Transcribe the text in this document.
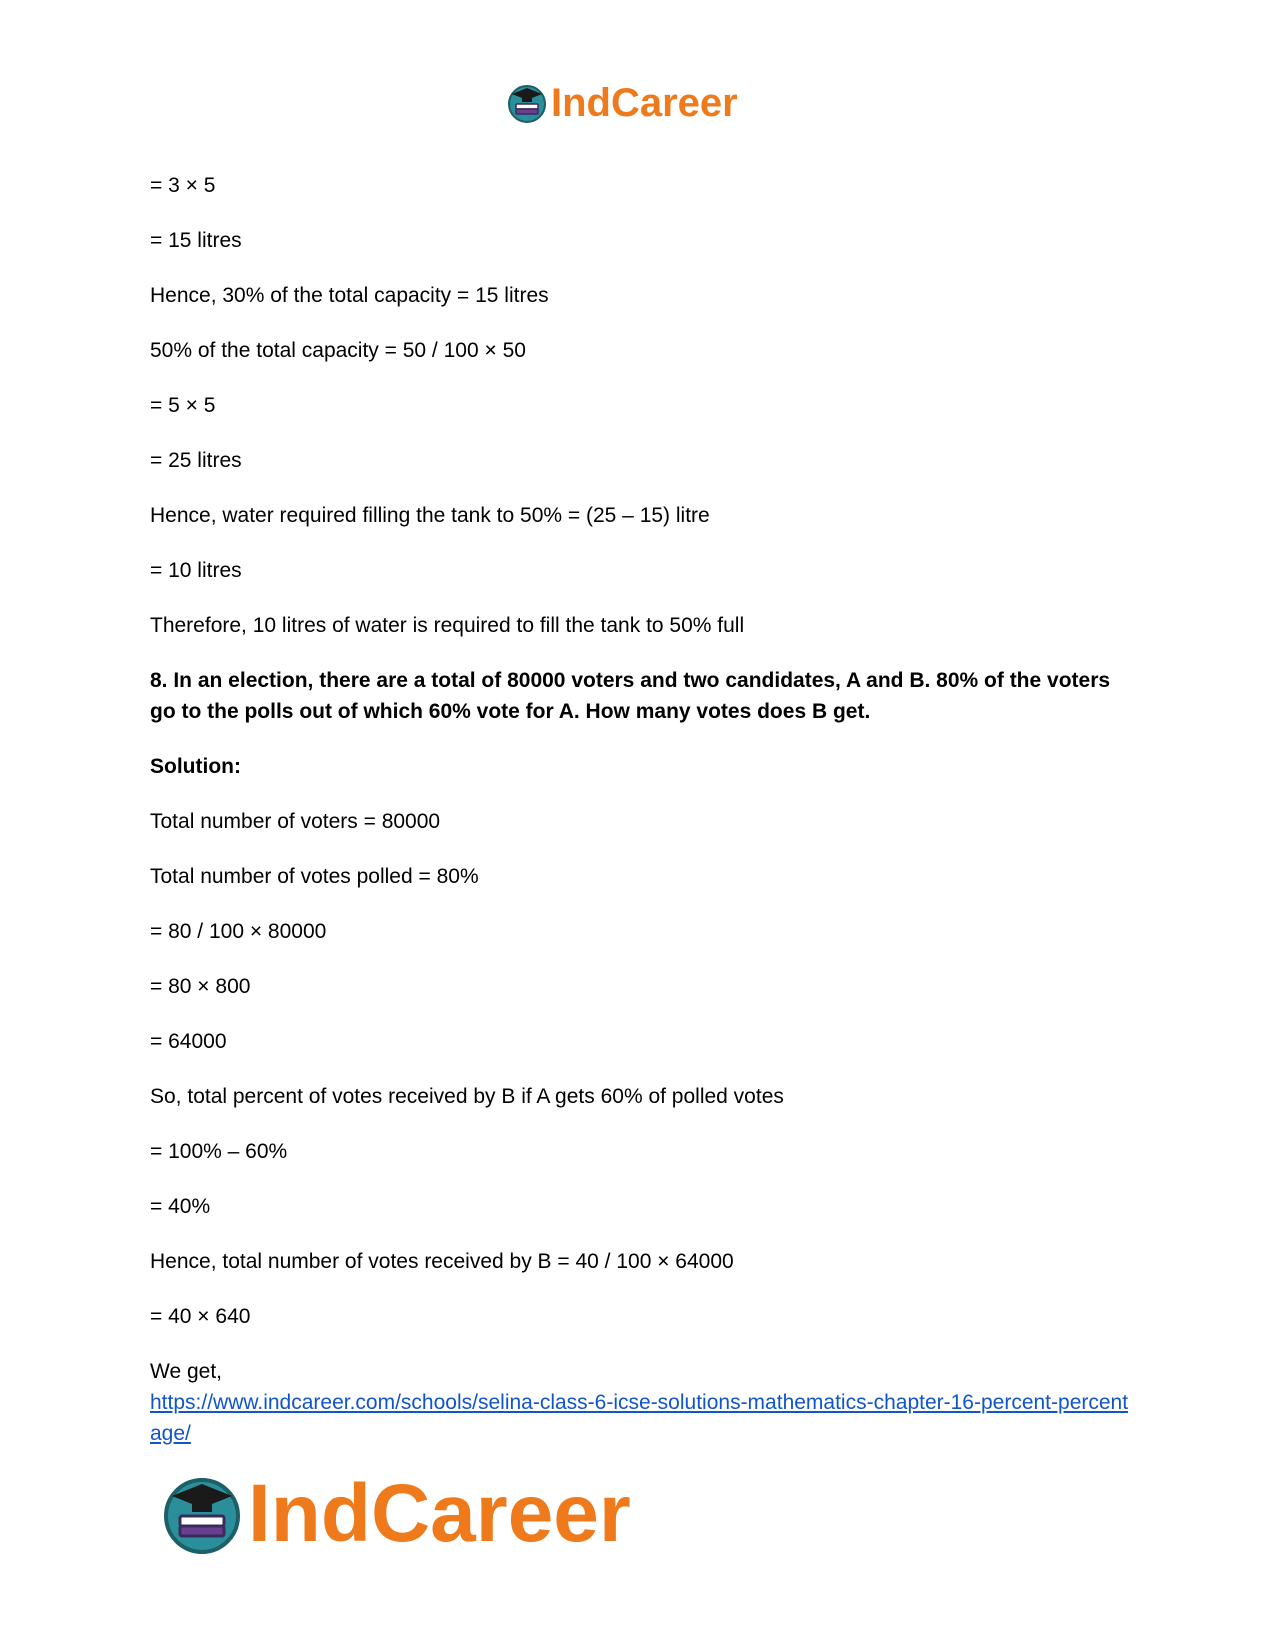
IndCareer

= 3 × 5

= 15 litres

Hence, 30% of the total capacity = 15 litres

50% of the total capacity = 50 / 100 × 50

= 5 × 5

= 25 litres

Hence, water required filling the tank to 50% = (25 – 15) litre

= 10 litres

Therefore, 10 litres of water is required to fill the tank to 50% full

8. In an election, there are a total of 80000 voters and two candidates, A and B. 80% of the voters go to the polls out of which 60% vote for A. How many votes does B get.

Solution:

Total number of voters = 80000

Total number of votes polled = 80%

= 80 / 100 × 80000

= 80 × 800

= 64000

So, total percent of votes received by B if A gets 60% of polled votes

= 100% – 60%

= 40%

Hence, total number of votes received by B = 40 / 100 × 64000

= 40 × 640

We get,

https://www.indcareer.com/schools/selina-class-6-icse-solutions-mathematics-chapter-16-percent-percentage/
IndCareer
